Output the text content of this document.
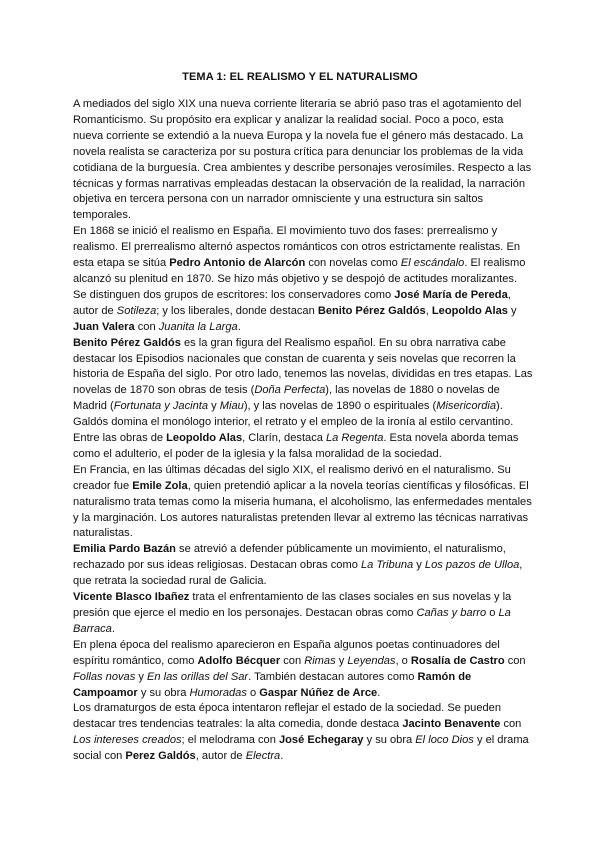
TEMA 1: EL REALISMO Y EL NATURALISMO

A mediados del siglo XIX una nueva corriente literaria se abrió paso tras el agotamiento del Romanticismo. Su propósito era explicar y analizar la realidad social. Poco a poco, esta nueva corriente se extendió a la nueva Europa y la novela fue el género más destacado. La novela realista se caracteriza por su postura crítica para denunciar los problemas de la vida cotidiana de la burguesía. Crea ambientes y describe personajes verosímiles. Respecto a las técnicas y formas narrativas empleadas destacan la observación de la realidad, la narración objetiva en tercera persona con un narrador omnisciente y una estructura sin saltos temporales.

En 1868 se inició el realismo en España. El movimiento tuvo dos fases: prerrealismo y realismo. El prerrealismo alternó aspectos románticos con otros estrictamente realistas. En esta etapa se sitúa Pedro Antonio de Alarcón con novelas como El escándalo. El realismo alcanzó su plenitud en 1870. Se hizo más objetivo y se despojó de actitudes moralizantes. Se distinguen dos grupos de escritores: los conservadores como José María de Pereda, autor de Sotileza; y los liberales, donde destacan Benito Pérez Galdós, Leopoldo Alas y Juan Valera con Juanita la Larga.

Benito Pérez Galdós es la gran figura del Realismo español. En su obra narrativa cabe destacar los Episodios nacionales que constan de cuarenta y seis novelas que recorren la historia de España del siglo. Por otro lado, tenemos las novelas, divididas en tres etapas. Las novelas de 1870 son obras de tesis (Doña Perfecta), las novelas de 1880 o novelas de Madrid (Fortunata y Jacinta y Miau), y las novelas de 1890 o espirituales (Misericordia). Galdós domina el monólogo interior, el retrato y el empleo de la ironía al estilo cervantino.

Entre las obras de Leopoldo Alas, Clarín, destaca La Regenta. Esta novela aborda temas como el adulterio, el poder de la iglesia y la falsa moralidad de la sociedad.

En Francia, en las últimas décadas del siglo XIX, el realismo derivó en el naturalismo. Su creador fue Emile Zola, quien pretendió aplicar a la novela teorías científicas y filosóficas. El naturalismo trata temas como la miseria humana, el alcoholismo, las enfermedades mentales y la marginación. Los autores naturalistas pretenden llevar al extremo las técnicas narrativas naturalistas.

Emilia Pardo Bazán se atrevió a defender públicamente un movimiento, el naturalismo, rechazado por sus ideas religiosas. Destacan obras como La Tribuna y Los pazos de Ulloa, que retrata la sociedad rural de Galicia.

Vicente Blasco Ibañez trata el enfrentamiento de las clases sociales en sus novelas y la presión que ejerce el medio en los personajes. Destacan obras como Cañas y barro o La Barraca.

En plena época del realismo aparecieron en España algunos poetas continuadores del espíritu romántico, como Adolfo Bécquer con Rimas y Leyendas, o Rosalía de Castro con Follas novas y En las orillas del Sar. También destacan autores como Ramón de Campoamor y su obra Humoradas o Gaspar Núñez de Arce.

Los dramaturgos de esta época intentaron reflejar el estado de la sociedad. Se pueden destacar tres tendencias teatrales: la alta comedia, donde destaca Jacinto Benavente con Los intereses creados; el melodrama con José Echegaray y su obra El loco Dios y el drama social con Perez Galdós, autor de Electra.
